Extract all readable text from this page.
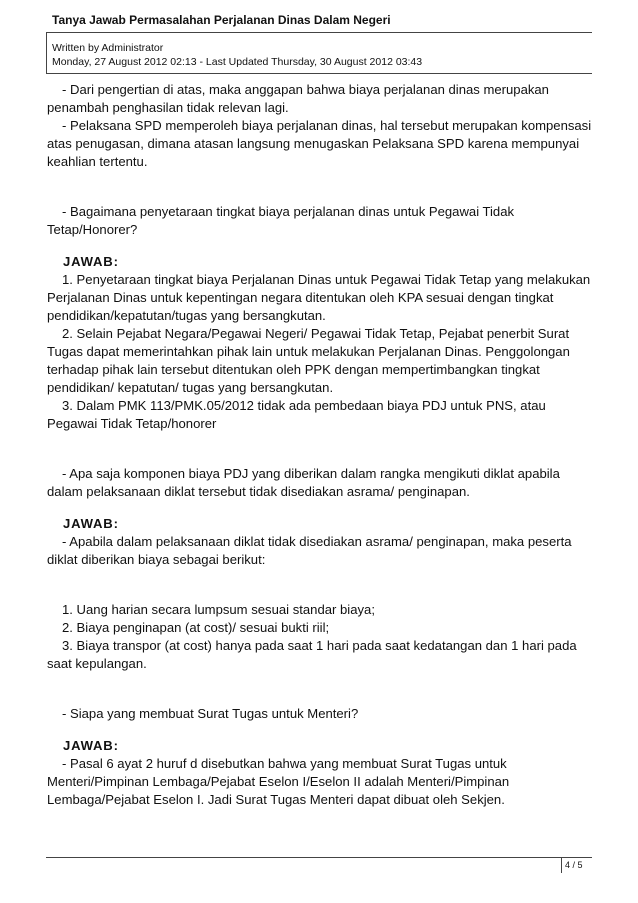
Tanya Jawab Permasalahan Perjalanan Dinas Dalam Negeri
Written by Administrator
Monday, 27 August 2012 02:13 - Last Updated Thursday, 30 August 2012 03:43

- Dari pengertian di atas, maka anggapan bahwa biaya perjalanan dinas merupakan

penambah penghasilan tidak relevan lagi.

- Pelaksana SPD memperoleh biaya perjalanan dinas, hal tersebut merupakan kompensasi

atas penugasan, dimana atasan langsung menugaskan Pelaksana SPD karena mempunyai

keahlian tertentu.

- Bagaimana penyetaraan tingkat biaya perjalanan dinas untuk Pegawai Tidak

Tetap/Honorer?

JAWAB:

1. Penyetaraan tingkat biaya Perjalanan Dinas untuk Pegawai Tidak Tetap yang melakukan

Perjalanan Dinas untuk kepentingan negara ditentukan oleh KPA sesuai dengan tingkat

pendidikan/kepatutan/tugas yang bersangkutan.

2. Selain Pejabat Negara/Pegawai Negeri/ Pegawai Tidak Tetap, Pejabat penerbit Surat

Tugas dapat memerintahkan pihak lain untuk melakukan Perjalanan Dinas. Penggolongan

terhadap pihak lain tersebut ditentukan oleh PPK dengan mempertimbangkan tingkat

pendidikan/ kepatutan/ tugas yang bersangkutan.

3. Dalam PMK 113/PMK.05/2012 tidak ada pembedaan biaya PDJ untuk PNS, atau

Pegawai Tidak Tetap/honorer

- Apa saja komponen biaya PDJ yang diberikan dalam rangka mengikuti diklat apabila

dalam pelaksanaan diklat tersebut tidak disediakan asrama/ penginapan.

JAWAB:

- Apabila dalam pelaksanaan diklat tidak disediakan asrama/ penginapan, maka peserta

diklat diberikan biaya sebagai berikut:

1. Uang harian secara lumpsum sesuai standar biaya;

2. Biaya penginapan (at cost)/ sesuai bukti riil;

3. Biaya transpor (at cost) hanya pada saat 1 hari pada saat kedatangan dan 1 hari pada

saat kepulangan.

- Siapa yang membuat Surat Tugas untuk Menteri?

JAWAB:

- Pasal 6 ayat 2 huruf d disebutkan bahwa yang membuat Surat Tugas untuk

Menteri/Pimpinan Lembaga/Pejabat Eselon I/Eselon II adalah Menteri/Pimpinan

Lembaga/Pejabat Eselon I. Jadi Surat Tugas Menteri dapat dibuat oleh Sekjen.

4 / 5
